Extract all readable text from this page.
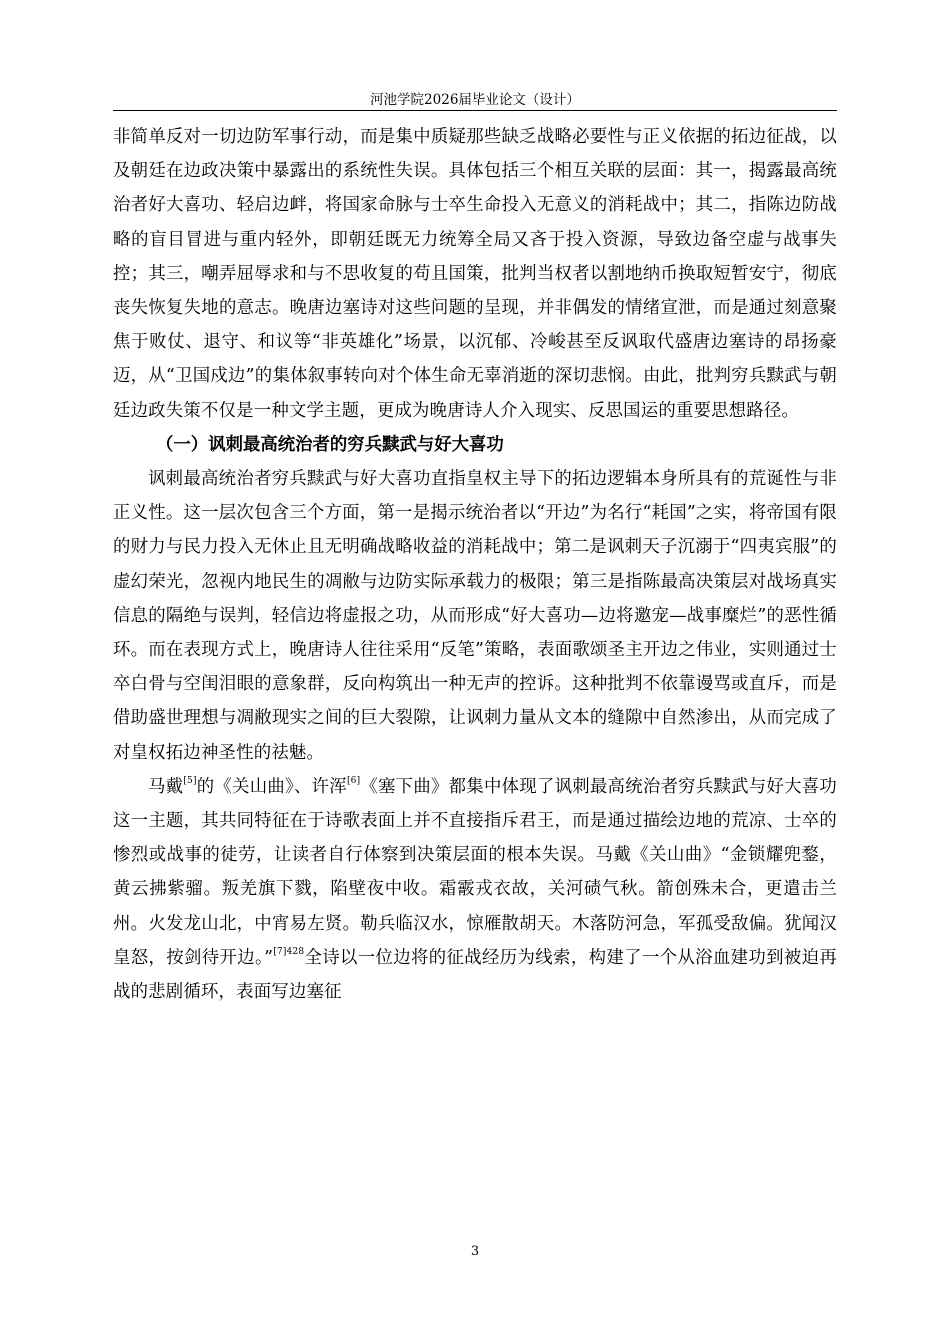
河池学院2026届毕业论文（设计）

非简单反对一切边防军事行动，而是集中质疑那些缺乏战略必要性与正义依据的拓边征战，以及朝廷在边政决策中暴露出的系统性失误。具体包括三个相互关联的层面：其一，揭露最高统治者好大喜功、轻启边衅，将国家命脉与士卒生命投入无意义的消耗战中；其二，指陈边防战略的盲目冒进与重内轻外，即朝廷既无力统筹全局又吝于投入资源，导致边备空虚与战事失控；其三，嘲弄屈辱求和与不思收复的苟且国策，批判当权者以割地纳币换取短暂安宁，彻底丧失恢复失地的意志。晚唐边塞诗对这些问题的呈现，并非偶发的情绪宣泄，而是通过刻意聚焦于败仗、退守、和议等“非英雄化”场景，以沉郁、冷峻甚至反讽取代盛唐边塞诗的昂扬豪迈，从“卫国戍边”的集体叙事转向对个体生命无辜消逝的深切悲悯。由此，批判穷兵黩武与朝廷边政失策不仅是一种文学主题，更成为晚唐诗人介入现实、反思国运的重要思想路径。

（一）讽刺最高统治者的穷兵黩武与好大喜功

讽刺最高统治者穷兵黩武与好大喜功直指皇权主导下的拓边逻辑本身所具有的荒诞性与非正义性。这一层次包含三个方面，第一是揭示统治者以“开边”为名行“耗国”之实，将帝国有限的财力与民力投入无休止且无明确战略收益的消耗战中；第二是讽刺天子沉溺于“四夷宾服”的虚幻荣光，忽视内地民生的凋敝与边防实际承载力的极限；第三是指陈最高决策层对战场真实信息的隔绝与误判，轻信边将虚报之功，从而形成“好大喜功—边将邀宠—战事糜烂”的恶性循环。而在表现方式上，晚唐诗人往往采用“反笔”策略，表面歌颂圣主开边之伟业，实则通过士卒白骨与空闺泪眼的意象群，反向构筑出一种无声的控诉。这种批判不依靠谩骂或直斥，而是借助盛世理想与凋敝现实之间的巨大裂隙，让讽刺力量从文本的缝隙中自然渗出，从而完成了对皇权拓边神圣性的祛魅。

马戴[5]的《关山曲》、许浑[6]《塞下曲》都集中体现了讽刺最高统治者穷兵黩武与好大喜功这一主题，其共同特征在于诗歌表面上并不直接指斥君王，而是通过描绘边地的荒凉、士卒的惨烈或战事的徒劳，让读者自行体察到决策层面的根本失误。马戴《关山曲》“金锁耀兜鍪，黄云拂紫骝。叛羌旗下戮，陷壁夜中收。霜霰戎衣故，关河碛气秋。箭创殊未合，更遣击兰州。火发龙山北，中宵易左贤。勒兵临汉水，惊雁散胡天。木落防河急，军孤受敌偏。犹闻汉皇怒，按剑待开边。”$^{[7]428}$全诗以一位边将的征战经历为线索，构建了一个从浴血建功到被迫再战的悲剧循环，表面写边塞征

3
